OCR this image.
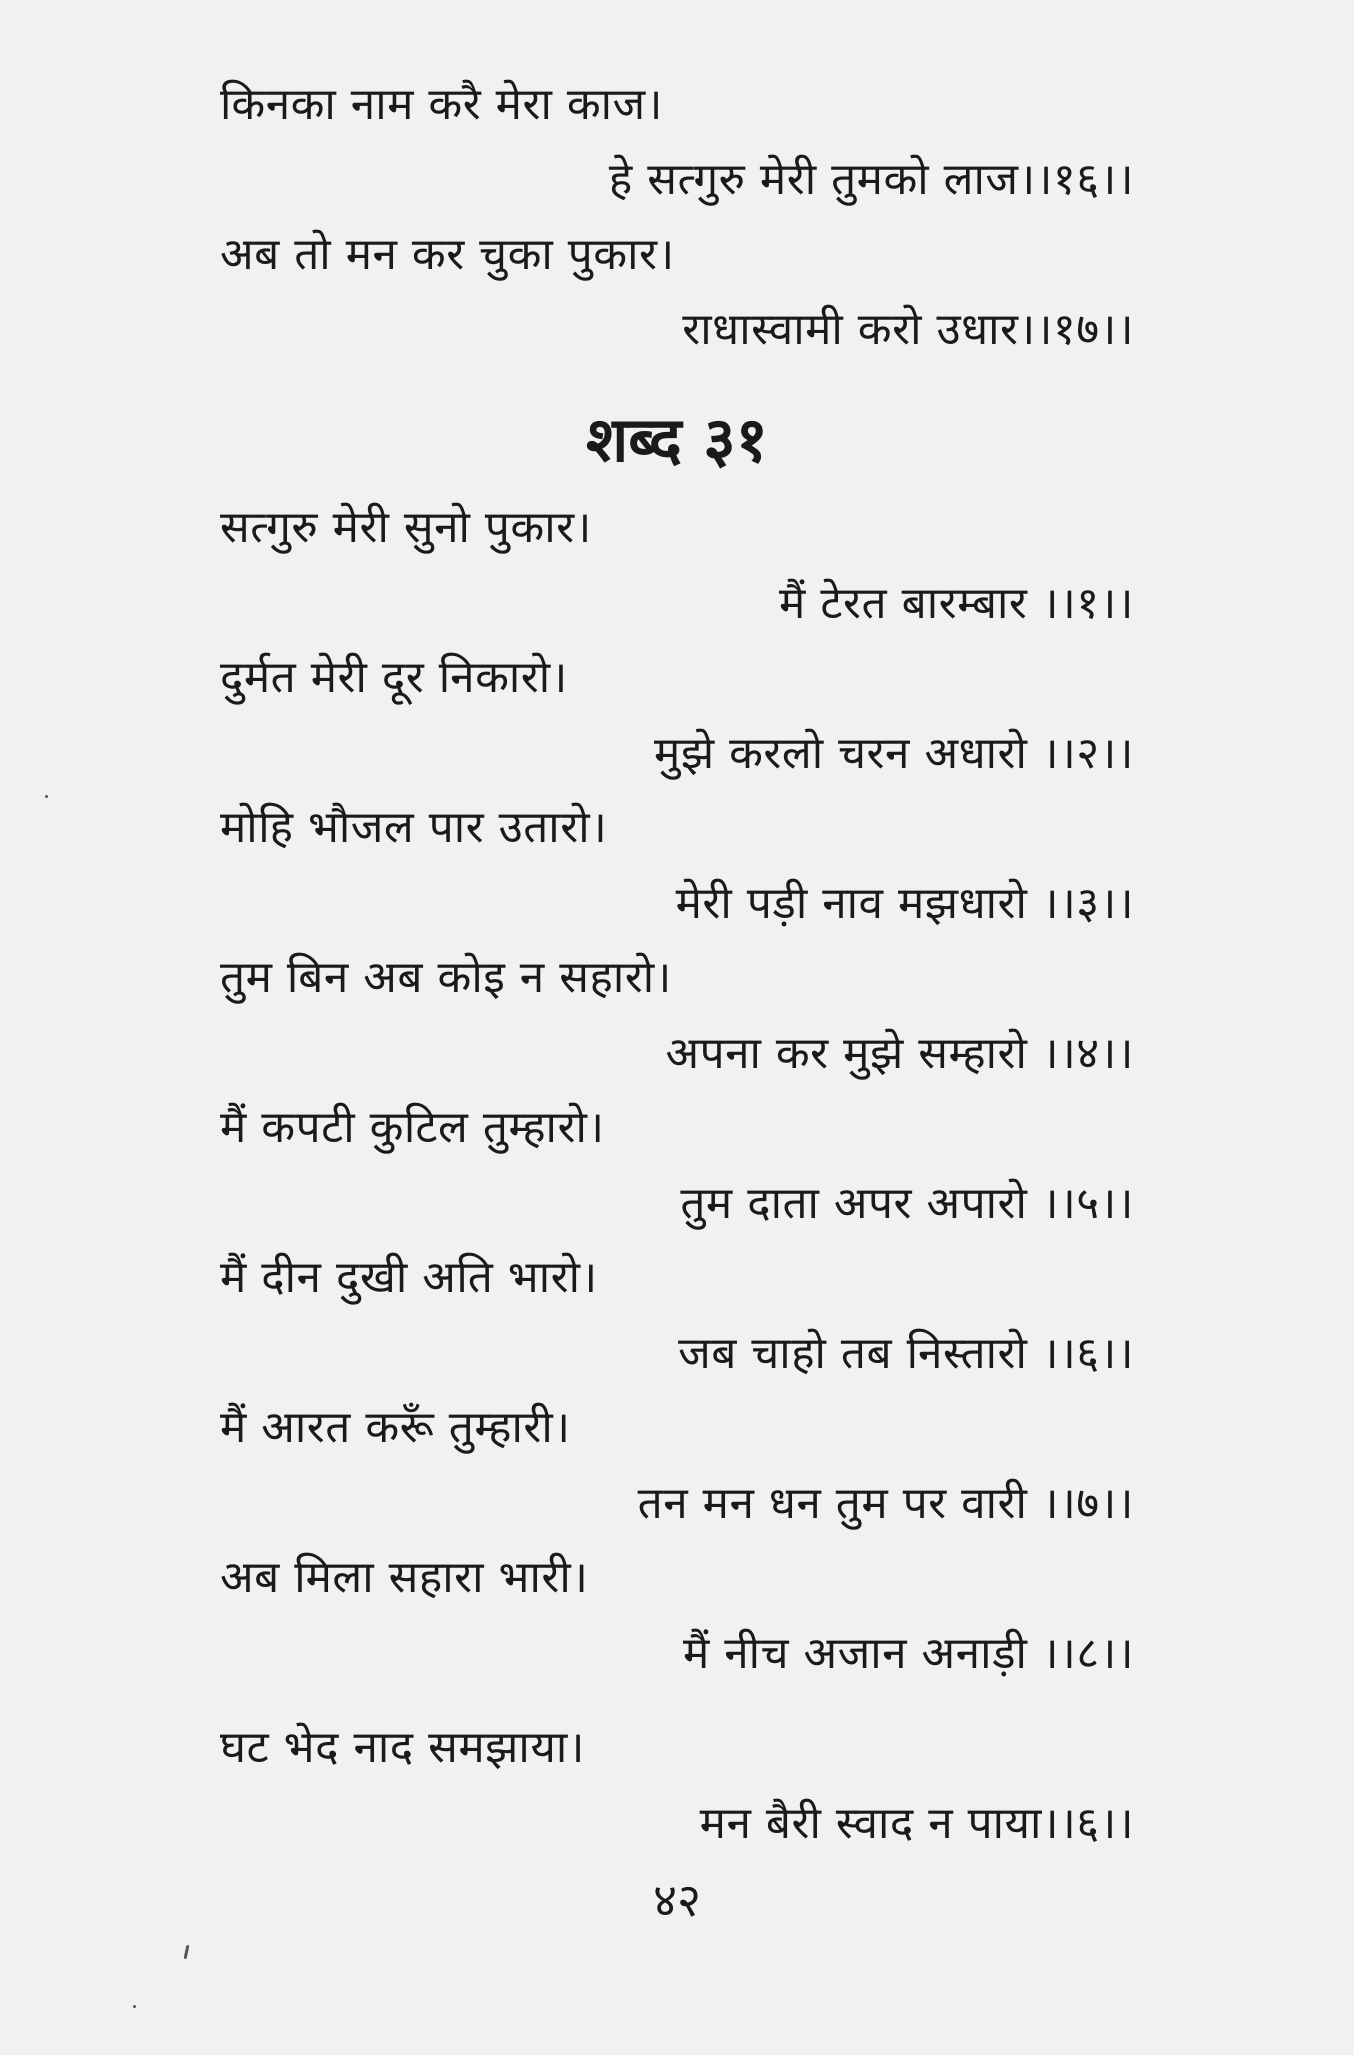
किनका नाम करै मेरा काज।
हे सत्गुरु मेरी तुमको लाज।।१६।।
अब तो मन कर चुका पुकार।
राधास्वामी करो उधार।।१७।।
शब्द ३१
सत्गुरु मेरी सुनो पुकार।
मैं टेरत बारम्बार ।।१।।
दुर्मत मेरी दूर निकारो।
मुझे करलो चरन अधारो ।।२।।
मोहि भौजल पार उतारो।
मेरी पड़ी नाव मझधारो ।।३।।
तुम बिन अब कोइ न सहारो।
अपना कर मुझे सम्हारो ।।४।।
मैं कपटी कुटिल तुम्हारो।
तुम दाता अपर अपारो ।।५।।
मैं दीन दुखी अति भारो।
जब चाहो तब निस्तारो ।।६।।
मैं आरत करूँ तुम्हारी।
तन मन धन तुम पर वारी ।।७।।
अब मिला सहारा भारी।
मैं नीच अजान अनाड़ी ।।८।।
घट भेद नाद समझाया।
मन बैरी स्वाद न पाया।।६।।
४२
